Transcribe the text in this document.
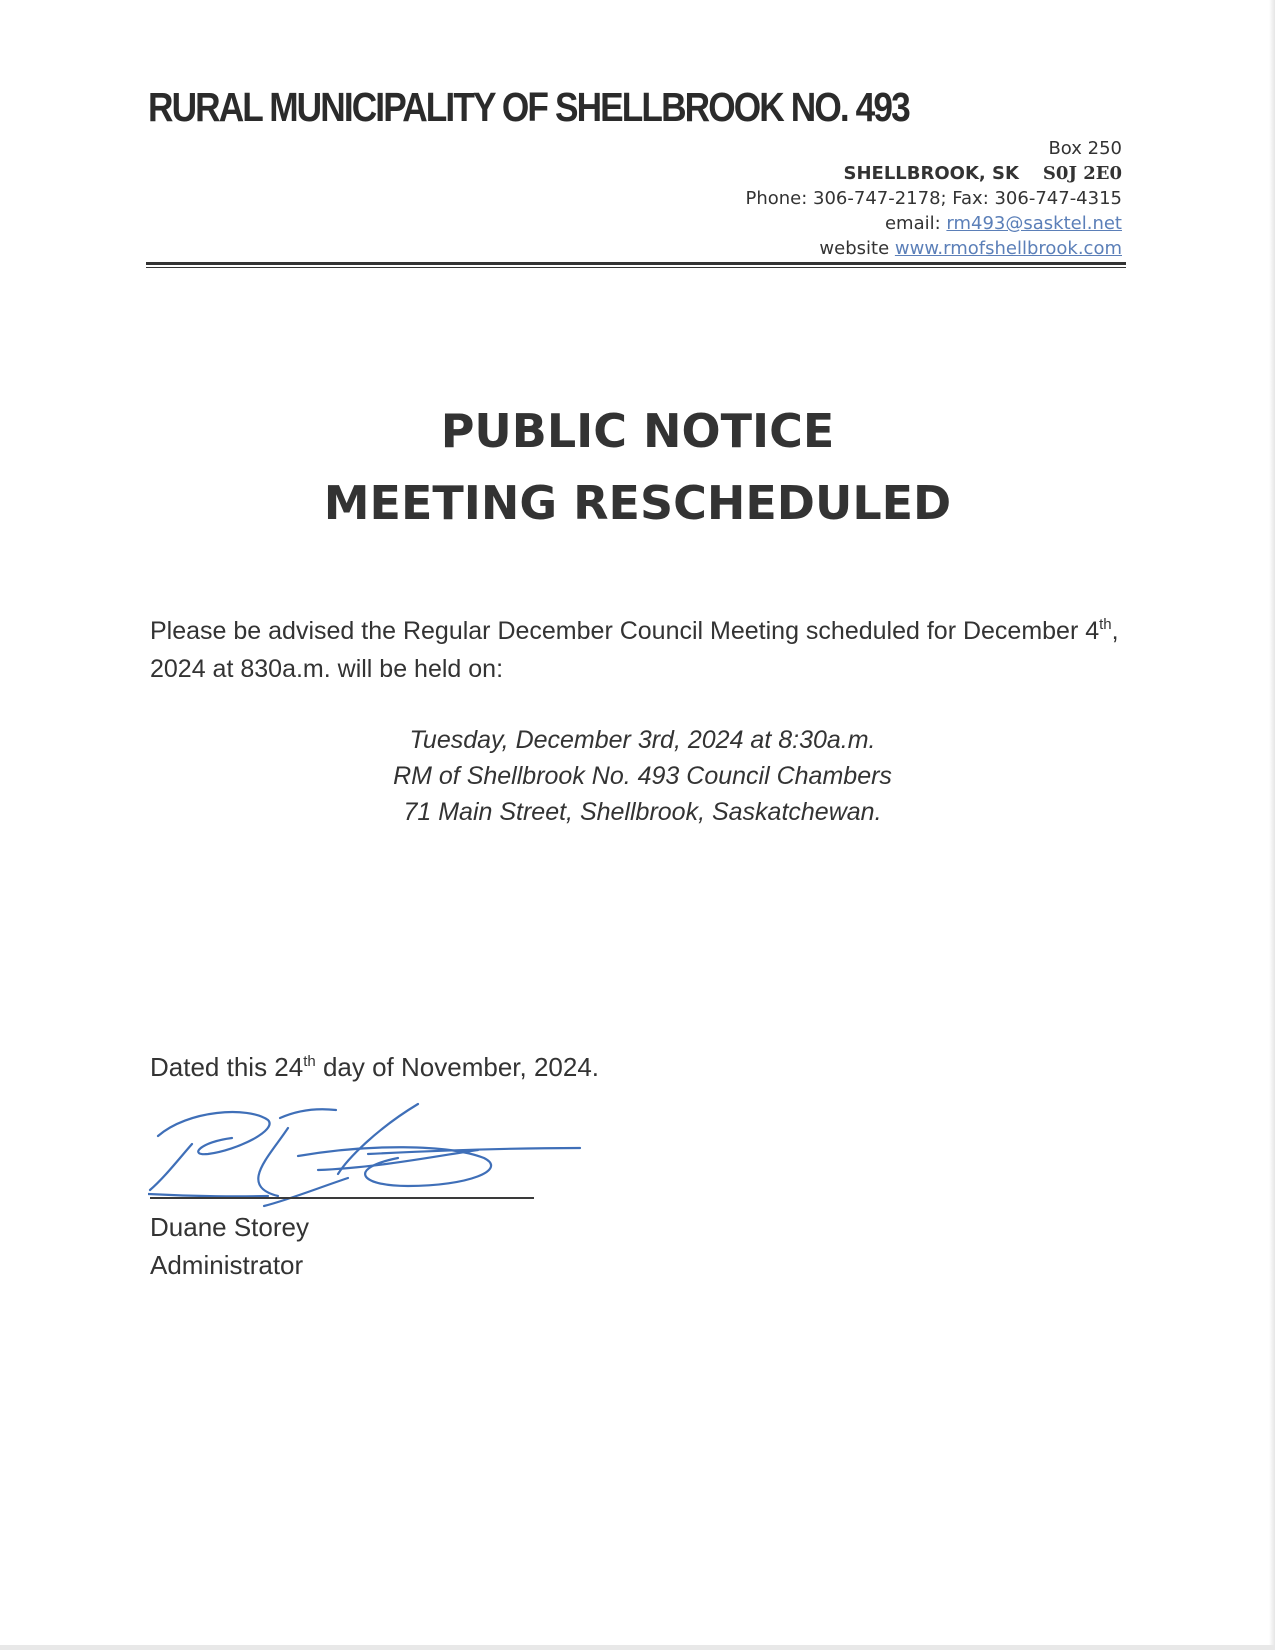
RURAL MUNICIPALITY OF SHELLBROOK NO. 493
Box 250
SHELLBROOK, SK S0J 2E0
Phone: 306-747-2178; Fax: 306-747-4315
email: rm493@sasktel.net
website www.rmofshellbrook.com
PUBLIC NOTICE
MEETING RESCHEDULED
Please be advised the Regular December Council Meeting scheduled for December 4th, 2024 at 830a.m. will be held on:
Tuesday, December 3rd, 2024 at 8:30a.m.
RM of Shellbrook No. 493 Council Chambers
71 Main Street, Shellbrook, Saskatchewan.
Dated this 24th day of November, 2024.
Duane Storey
Administrator
